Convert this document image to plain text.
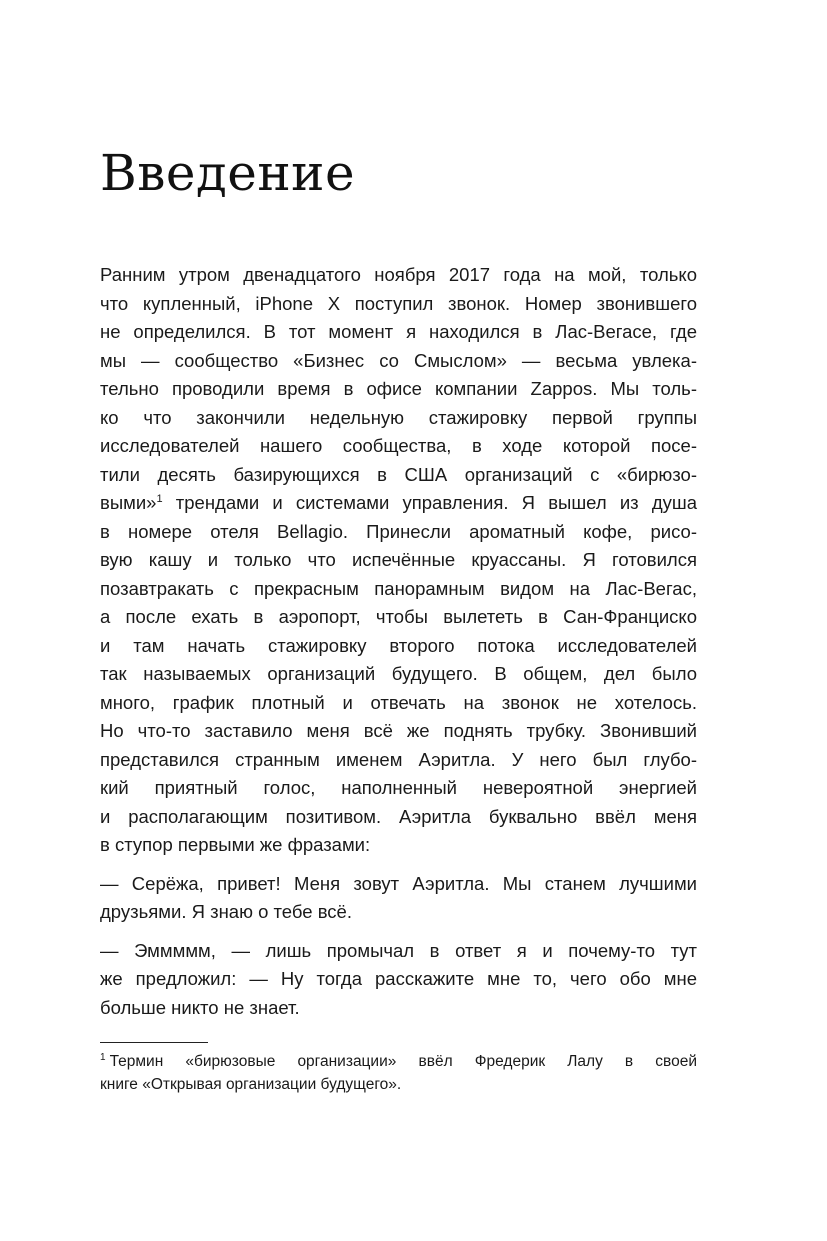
Введение

Ранним утром двенадцатого ноября 2017 года на мой, только
что купленный, iPhone X поступил звонок. Номер звонившего
не определился. В тот момент я находился в Лас-Вегасе, где
мы — сообщество «Бизнес со Смыслом» — весьма увлека-
тельно проводили время в офисе компании Zappos. Мы толь-
ко что закончили недельную стажировку первой группы
исследователей нашего сообщества, в ходе которой посе-
тили десять базирующихся в США организаций с «бирюзо-
выми»$^1$ трендами и системами управления. Я вышел из душа
в номере отеля Bellagio. Принесли ароматный кофе, рисо-
вую кашу и только что испечённые круассаны. Я готовился
позавтракать с прекрасным панорамным видом на Лас-Вегас,
а после ехать в аэропорт, чтобы вылететь в Сан-Франциско
и там начать стажировку второго потока исследователей
так называемых организаций будущего. В общем, дел было
много, график плотный и отвечать на звонок не хотелось.
Но что-то заставило меня всё же поднять трубку. Звонивший
представился странным именем Аэритла. У него был глубо-
кий приятный голос, наполненный невероятной энергией
и располагающим позитивом. Аэритла буквально ввёл меня
в ступор первыми же фразами:

— Серёжа, привет! Меня зовут Аэритла. Мы станем лучшими
друзьями. Я знаю о тебе всё.

— Эммммм, — лишь промычал в ответ я и почему-то тут
же предложил: — Ну тогда расскажите мне то, чего обо мне
больше никто не знает.

$^1$ Термин «бирюзовые организации» ввёл Фредерик Лалу в своей
книге «Открывая организации будущего».
